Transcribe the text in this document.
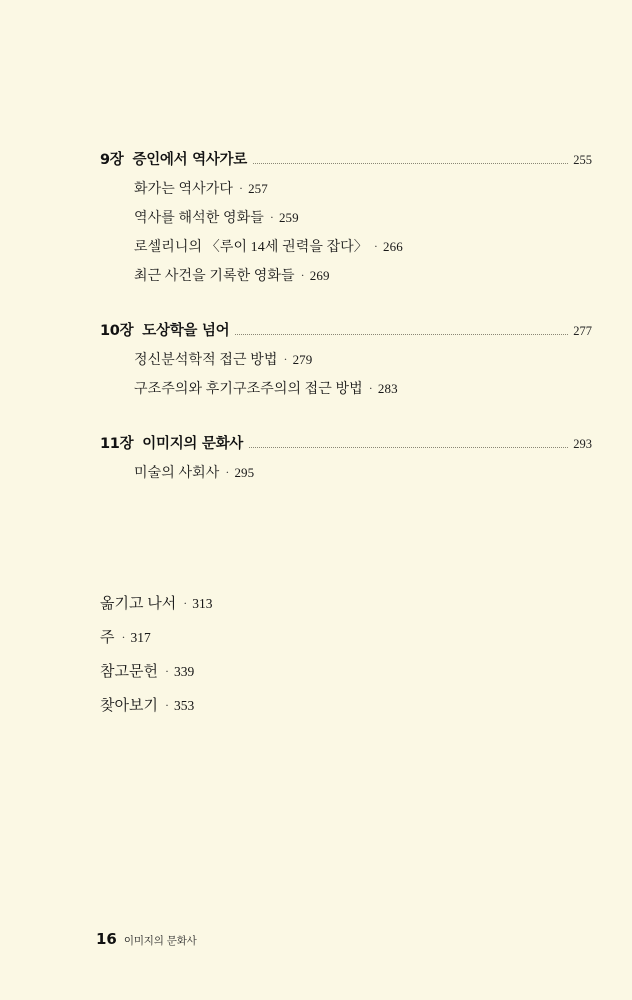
9장 증인에서 역사가로	255
화가는 역사가다 · 257
역사를 해석한 영화들 · 259
로셀리니의 〈루이 14세 권력을 잡다〉 · 266
최근 사건을 기록한 영화들 · 269
10장 도상학을 넘어	277
정신분석학적 접근 방법 · 279
구조주의와 후기구조주의의 접근 방법 · 283
11장 이미지의 문화사	293
미술의 사회사 · 295
옮기고 나서 · 313
주 · 317
참고문헌 · 339
찾아보기 · 353
16 이미지의 문화사
